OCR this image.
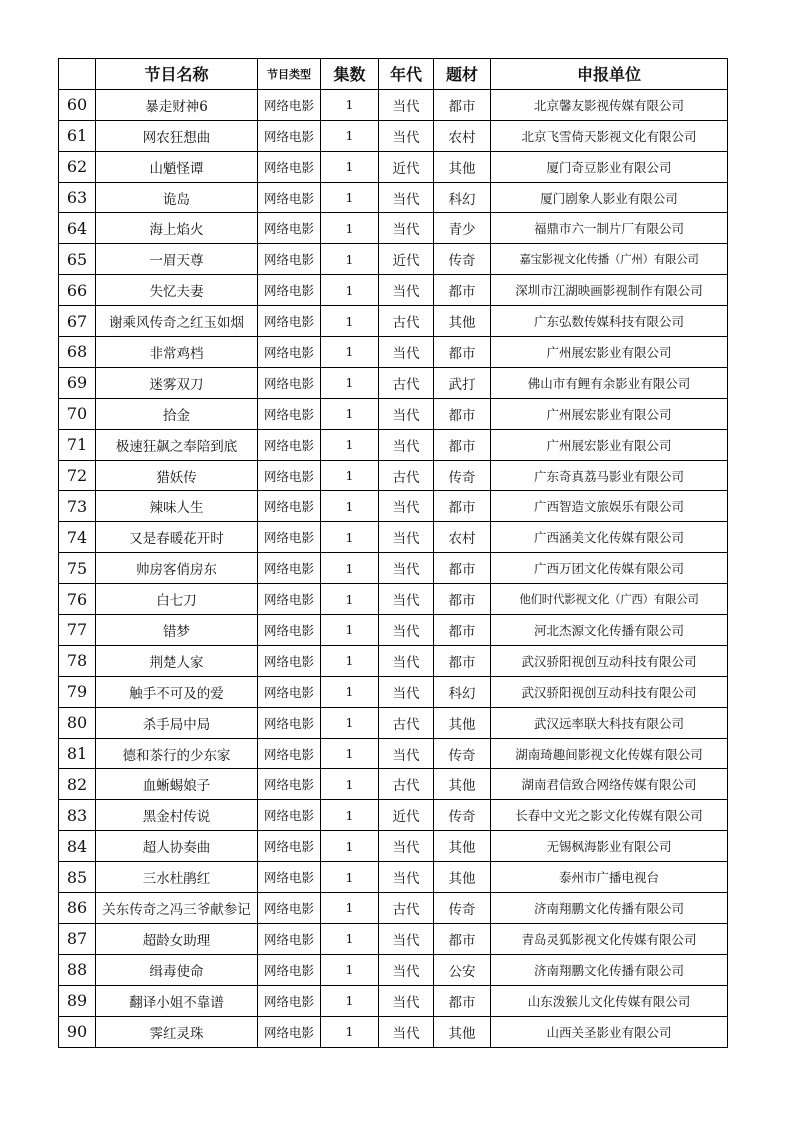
	节目名称	节目类型	集数	年代	题材	申报单位
60	暴走财神6	网络电影	1	当代	都市	北京馨友影视传媒有限公司
61	网农狂想曲	网络电影	1	当代	农村	北京飞雪倚天影视文化有限公司
62	山魈怪谭	网络电影	1	近代	其他	厦门奇豆影业有限公司
63	诡岛	网络电影	1	当代	科幻	厦门剧象人影业有限公司
64	海上焰火	网络电影	1	当代	青少	福鼎市六一制片厂有限公司
65	一眉天尊	网络电影	1	近代	传奇	嘉宝影视文化传播（广州）有限公司
66	失忆夫妻	网络电影	1	当代	都市	深圳市江湖映画影视制作有限公司
67	谢乘风传奇之红玉如烟	网络电影	1	古代	其他	广东弘数传媒科技有限公司
68	非常鸡档	网络电影	1	当代	都市	广州展宏影业有限公司
69	迷雾双刀	网络电影	1	古代	武打	佛山市有鲤有余影业有限公司
70	拾金	网络电影	1	当代	都市	广州展宏影业有限公司
71	极速狂飙之奉陪到底	网络电影	1	当代	都市	广州展宏影业有限公司
72	猎妖传	网络电影	1	古代	传奇	广东奇真荔马影业有限公司
73	辣味人生	网络电影	1	当代	都市	广西智造文旅娱乐有限公司
74	又是春暖花开时	网络电影	1	当代	农村	广西涵美文化传媒有限公司
75	帅房客俏房东	网络电影	1	当代	都市	广西万团文化传媒有限公司
76	白七刀	网络电影	1	当代	都市	他们时代影视文化（广西）有限公司
77	错梦	网络电影	1	当代	都市	河北杰源文化传播有限公司
78	荆楚人家	网络电影	1	当代	都市	武汉骄阳视创互动科技有限公司
79	触手不可及的爱	网络电影	1	当代	科幻	武汉骄阳视创互动科技有限公司
80	杀手局中局	网络电影	1	古代	其他	武汉远率联大科技有限公司
81	德和茶行的少东家	网络电影	1	当代	传奇	湖南琦趣间影视文化传媒有限公司
82	血蜥蜴娘子	网络电影	1	古代	其他	湖南君信致合网络传媒有限公司
83	黑金村传说	网络电影	1	近代	传奇	长春中文光之影文化传媒有限公司
84	超人协奏曲	网络电影	1	当代	其他	无锡枫海影业有限公司
85	三水杜鹃红	网络电影	1	当代	其他	泰州市广播电视台
86	关东传奇之冯三爷献参记	网络电影	1	古代	传奇	济南翔鹏文化传播有限公司
87	超龄女助理	网络电影	1	当代	都市	青岛灵狐影视文化传媒有限公司
88	缉毒使命	网络电影	1	当代	公安	济南翔鹏文化传播有限公司
89	翻译小姐不靠谱	网络电影	1	当代	都市	山东泼猴儿文化传媒有限公司
90	霁红灵珠	网络电影	1	当代	其他	山西关圣影业有限公司
